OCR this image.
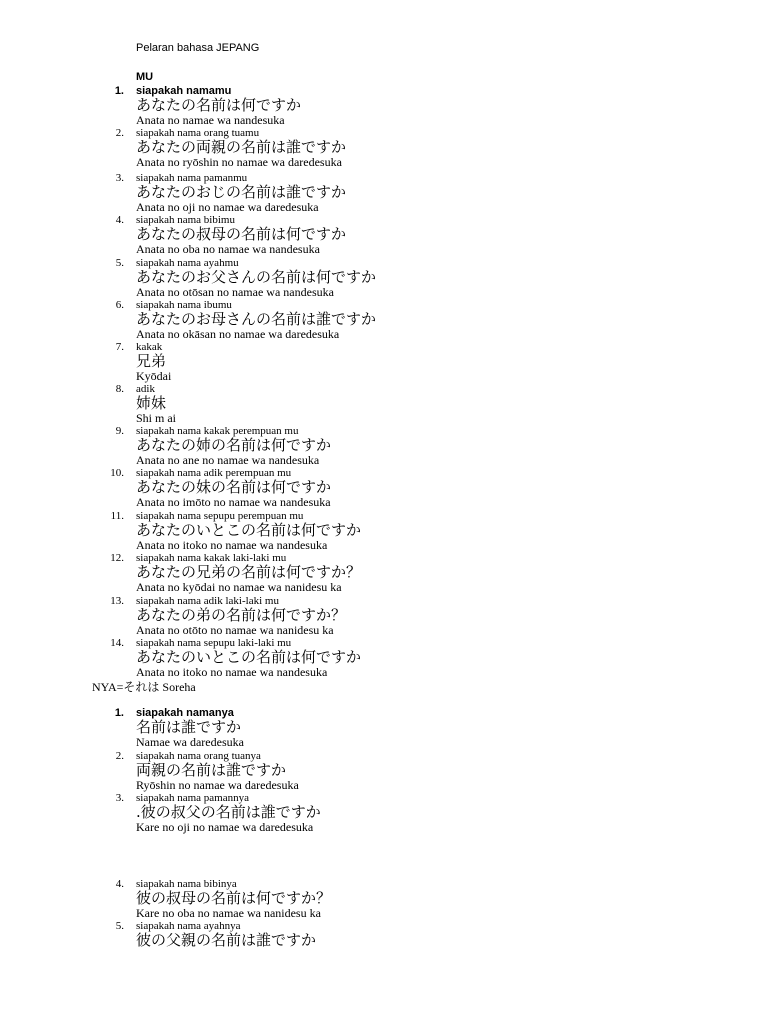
Pelaran bahasa JEPANG
MU
1. siapakah namamu
あなたの名前は何ですか
Anata no namae wa nandesuka
2. siapakah nama orang tuamu
あなたの両親の名前は誰ですか
Anata no ryōshin no namae wa daredesuka
3. siapakah nama pamanmu
あなたのおじの名前は誰ですか
Anata no oji no namae wa daredesuka
4. siapakah nama bibimu
あなたの叔母の名前は何ですか
Anata no oba no namae wa nandesuka
5. siapakah nama ayahmu
あなたのお父さんの名前は何ですか
Anata no otōsan no namae wa nandesuka
6. siapakah nama ibumu
あなたのお母さんの名前は誰ですか
Anata no okāsan no namae wa daredesuka
7. kakak
兄弟
Kyōdai
8. adik
姉妹
Shi m ai
9. siapakah nama kakak perempuan mu
あなたの姉の名前は何ですか
Anata no ane no namae wa nandesuka
10. siapakah nama adik perempuan mu
あなたの妹の名前は何ですか
Anata no imōto no namae wa nandesuka
11. siapakah nama sepupu perempuan mu
あなたのいとこの名前は何ですか
Anata no itoko no namae wa nandesuka
12. siapakah nama kakak laki-laki mu
あなたの兄弟の名前は何ですか？
Anata no kyōdai no namae wa nanidesu ka
13. siapakah nama adik laki-laki mu
あなたの弟の名前は何ですか？
Anata no otōto no namae wa nanidesu ka
14. siapakah nama sepupu laki-laki mu
あなたのいとこの名前は何ですか
Anata no itoko no namae wa nandesuka
NYA=それは Soreha
1. siapakah namanya
名前は誰ですか
Namae wa daredesuka
2. siapakah nama orang tuanya
両親の名前は誰ですか
Ryōshin no namae wa daredesuka
3. siapakah nama pamannya
.彼の叔父の名前は誰ですか
Kare no oji no namae wa daredesuka
4. siapakah nama bibinya
彼の叔母の名前は何ですか？
Kare no oba no namae wa nanidesu ka
5. siapakah nama ayahnya
彼の父親の名前は誰ですか
